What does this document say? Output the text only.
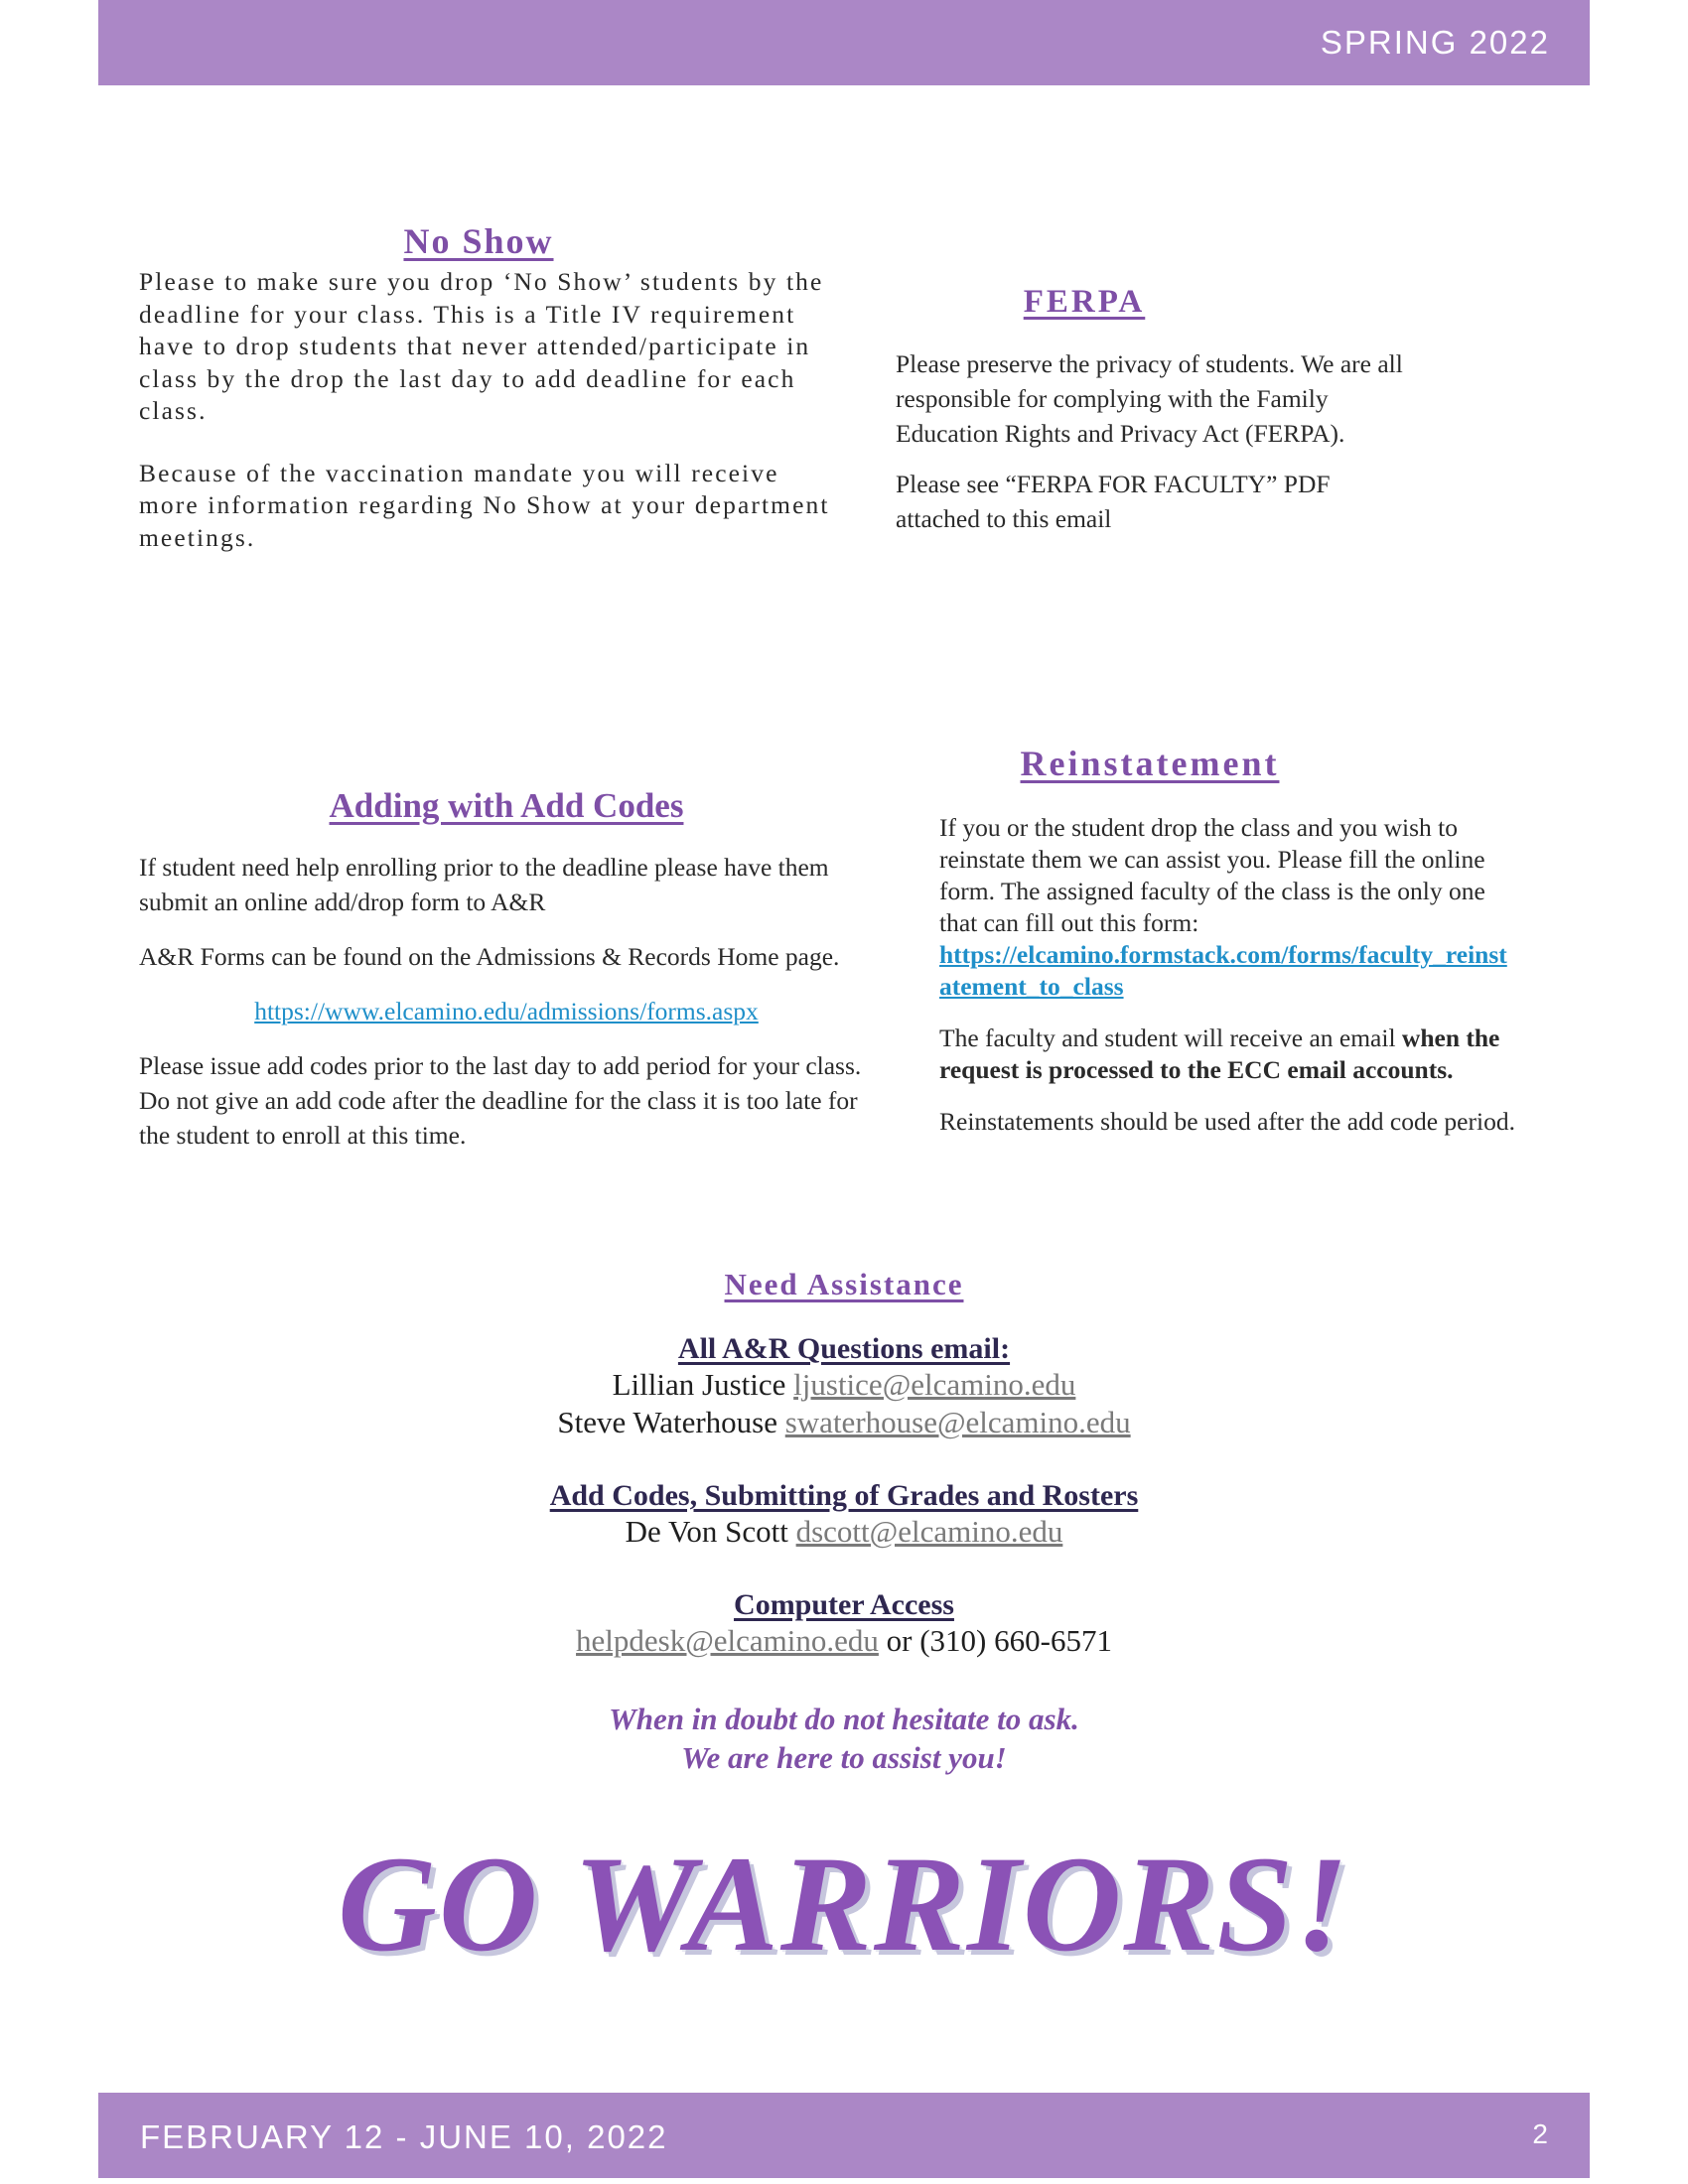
SPRING 2022
No Show

Please to make sure you drop ‘No Show’ students by the deadline for your class. This is a Title IV requirement have to drop students that never attended/participate in class by the drop the last day to add deadline for each class.

Because of the vaccination mandate you will receive more information regarding No Show at your department meetings.

FERPA

Please preserve the privacy of students. We are all responsible for complying with the Family Education Rights and Privacy Act (FERPA).

Please see “FERPA FOR FACULTY” PDF attached to this email

Adding with Add Codes

If student need help enrolling prior to the deadline please have them submit an online add/drop form to A&R

A&R Forms can be found on the Admissions & Records Home page.

https://www.elcamino.edu/admissions/forms.aspx

Please issue add codes prior to the last day to add period for your class. Do not give an add code after the deadline for the class it is too late for the student to enroll at this time.

Reinstatement

If you or the student drop the class and you wish to reinstate them we can assist you. Please fill the online form. The assigned faculty of the class is the only one that can fill out this form:
https://elcamino.formstack.com/forms/faculty_reinstatement_to_class

The faculty and student will receive an email when the request is processed to the ECC email accounts.

Reinstatements should be used after the add code period.

Need Assistance

All A&R Questions email:

Lillian Justice ljustice@elcamino.edu

Steve Waterhouse swaterhouse@elcamino.edu

Add Codes, Submitting of Grades and Rosters

De Von Scott dscott@elcamino.edu

Computer Access

helpdesk@elcamino.edu or (310) 660-6571

When in doubt do not hesitate to ask.

We are here to assist you!

GO WARRIORS!
FEBRUARY 12 - JUNE 10, 2022	2
